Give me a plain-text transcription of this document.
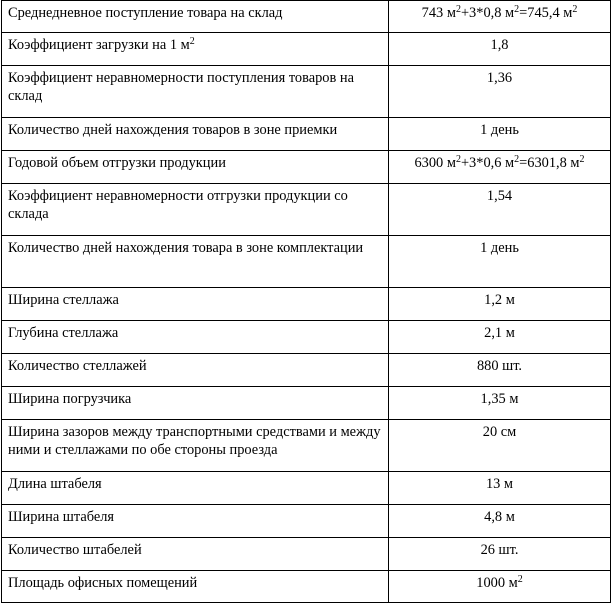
Среднедневное поступление товара на склад	743 $м^2+3*0,8$ $м^2=745,4$ $м^2$
Коэффициент загрузки на 1 $м^2$	1,8
Коэффициент неравномерности поступления товаров на склад	1,36
Количество дней нахождения товаров в зоне приемки	1 день
Годовой объем отгрузки продукции	6300 $м^2+3*0,6$ $м^2=6301,8$ $м^2$
Коэффициент неравномерности отгрузки продукции со склада	1,54
Количество дней нахождения товара в зоне комплектации	1 день
Ширина стеллажа	1,2 м
Глубина стеллажа	2,1 м
Количество стеллажей	880 шт.
Ширина погрузчика	1,35 м
Ширина зазоров между транспортными средствами и между ними и стеллажами по обе стороны проезда	20 см
Длина штабеля	13 м
Ширина штабеля	4,8 м
Количество штабелей	26 шт.
Площадь офисных помещений	1000 $м^2$
